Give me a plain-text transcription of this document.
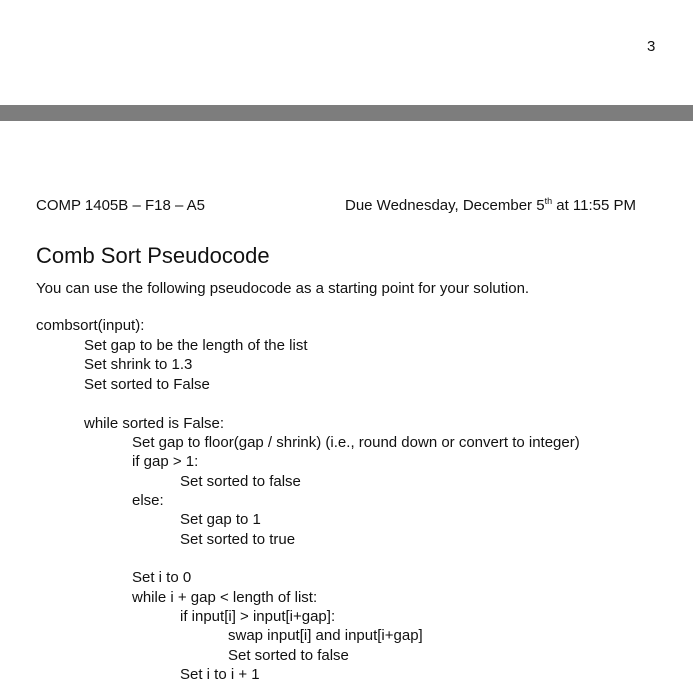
3
COMP 1405B – F18 – A5	Due Wednesday, December 5th at 11:55 PM
Comb Sort Pseudocode
You can use the following pseudocode as a starting point for your solution.
combsort(input):
Set gap to be the length of the list
Set shrink to 1.3
Set sorted to False
while sorted is False:
Set gap to floor(gap / shrink) (i.e., round down or convert to integer)
if gap > 1:
Set sorted to false
else:
Set gap to 1
Set sorted to true
Set i to 0
while i + gap < length of list:
if input[i] > input[i+gap]:
swap input[i] and input[i+gap]
Set sorted to false
Set i to i + 1
